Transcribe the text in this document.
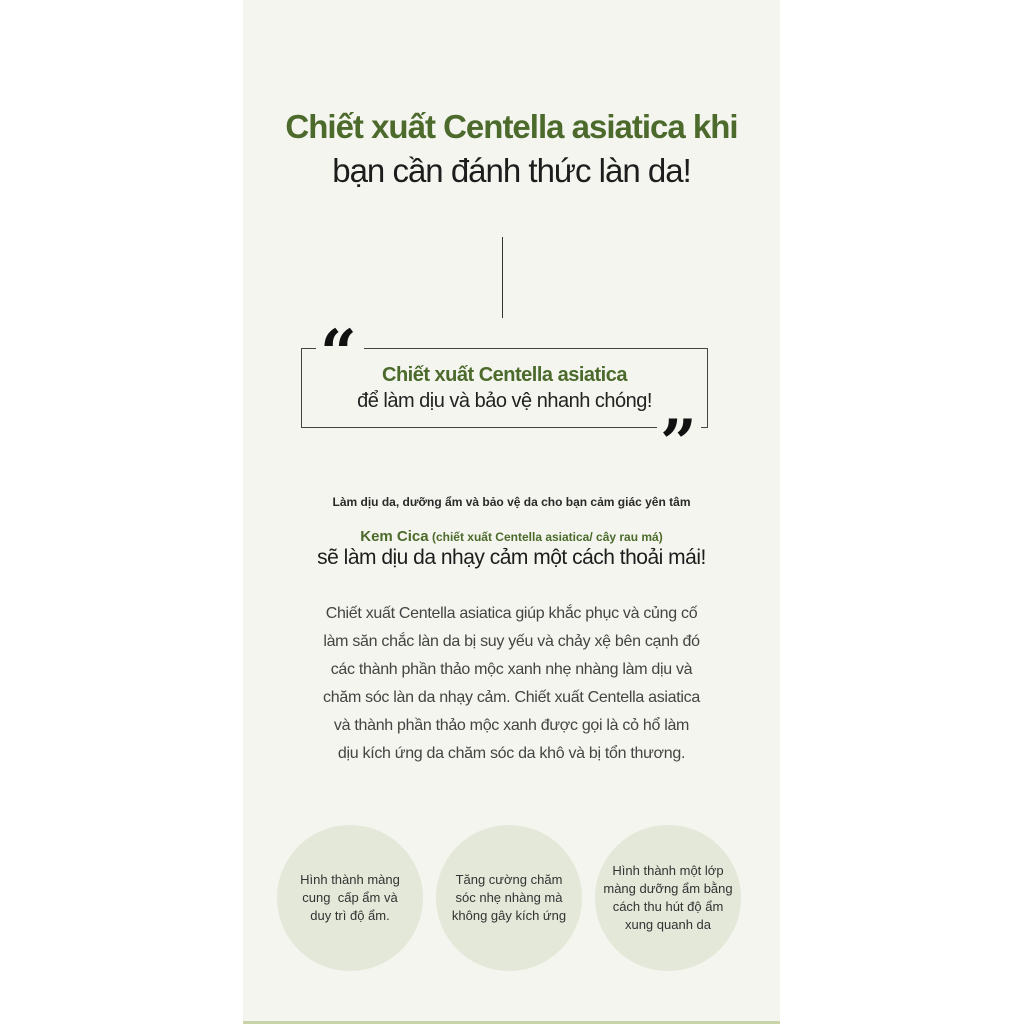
Chiết xuất Centella asiatica khi
bạn cần đánh thức làn da!
“
”
Chiết xuất Centella asiatica
để làm dịu và bảo vệ nhanh chóng!
Làm dịu da, dưỡng ẩm và bảo vệ da cho bạn cảm giác yên tâm
Kem Cica (chiết xuất Centella asiatica/ cây rau má)
sẽ làm dịu da nhạy cảm một cách thoải mái!
Chiết xuất Centella asiatica giúp khắc phục và củng cố
làm săn chắc làn da bị suy yếu và chảy xệ bên cạnh đó
các thành phần thảo mộc xanh nhẹ nhàng làm dịu và
chăm sóc làn da nhạy cảm. Chiết xuất Centella asiatica
và thành phần thảo mộc xanh được gọi là cỏ hổ làm
dịu kích ứng da chăm sóc da khô và bị tổn thương.
Hình thành màng
cung  cấp ẩm và
duy trì độ ẩm.
Tăng cường chăm
sóc nhẹ nhàng mà
không gây kích ứng
Hình thành một lớp
màng dưỡng ẩm bằng
cách thu hút độ ẩm
xung quanh da
